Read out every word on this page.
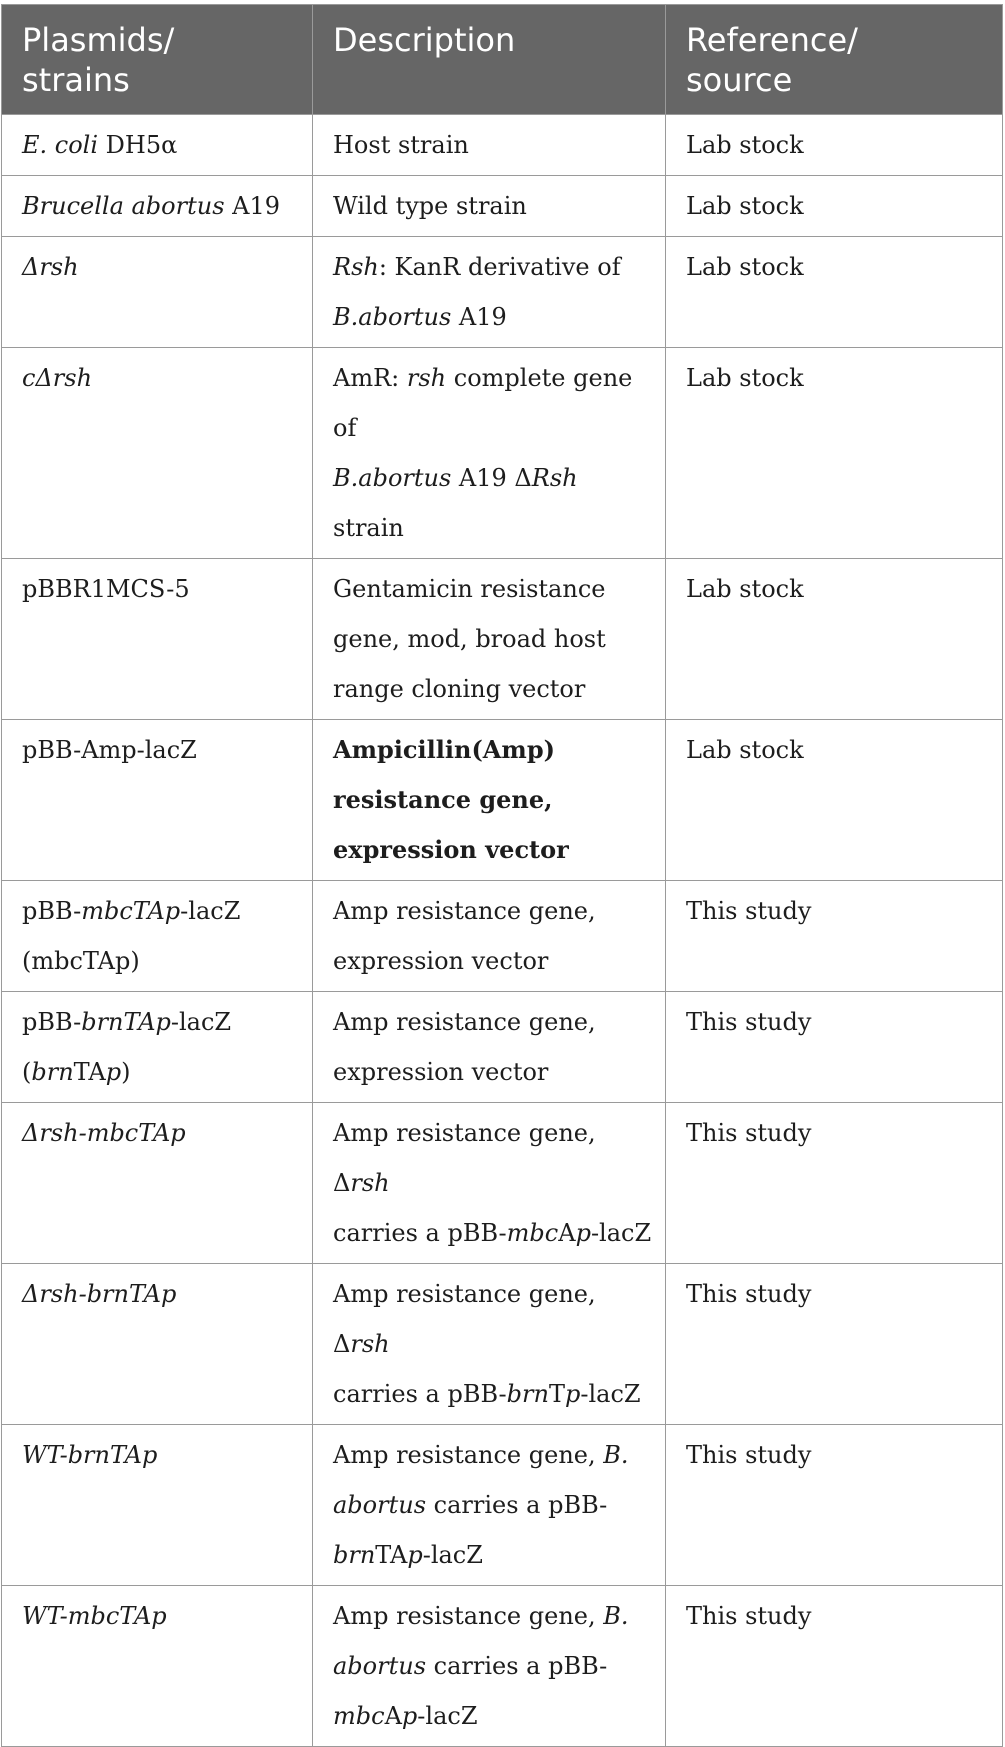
Plasmids/
strains	Description	Reference/
source
E. coli DH5α	Host strain	Lab stock
Brucella abortus A19	Wild type strain	Lab stock
Δrsh	Rsh: KanR derivative of
B.abortus A19	Lab stock
cΔrsh	AmR: rsh complete gene of
B.abortus A19 ΔRsh strain	Lab stock
pBBR1MCS-5	Gentamicin resistance
gene, mod, broad host
range cloning vector	Lab stock
pBB-Amp-lacZ	Ampicillin(Amp)
resistance gene,
expression vector	Lab stock
pBB-mbcTAp-lacZ
(mbcTAp)	Amp resistance gene,
expression vector	This study
pBB-brnTAp-lacZ
(brnTAp)	Amp resistance gene,
expression vector	This study
Δrsh-mbcTAp	Amp resistance gene, Δrsh
carries a pBB-mbcAp-lacZ	This study
Δrsh-brnTAp	Amp resistance gene, Δrsh
carries a pBB-brnTp-lacZ	This study
WT-brnTAp	Amp resistance gene, B.
abortus carries a pBB-
brnTAp-lacZ	This study
WT-mbcTAp	Amp resistance gene, B.
abortus carries a pBB-
mbcAp-lacZ	This study
